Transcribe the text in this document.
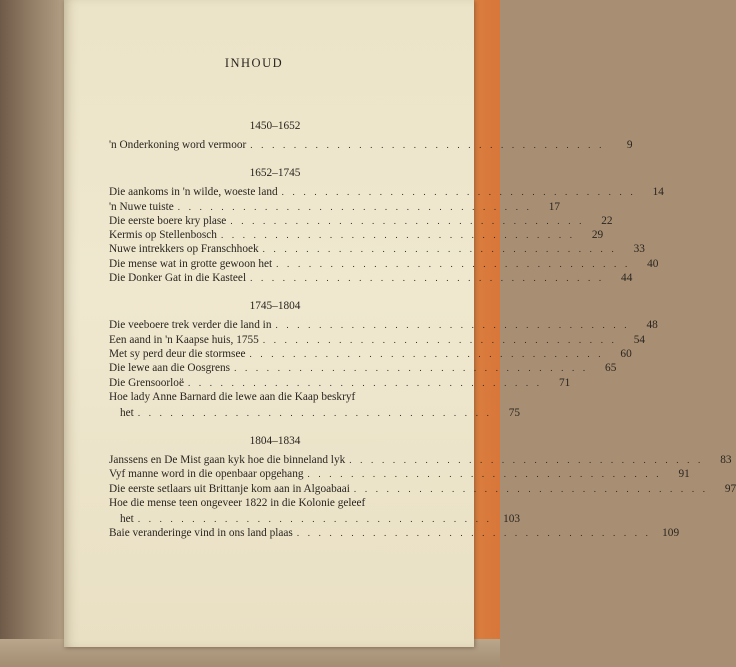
INHOUD
1450–1652
'n Onderkoning word vermoor . . . . . . . . . . . . . . . . . . . . . . . . . . . . . . . . .	9
1652–1745
Die aankoms in 'n wilde, woeste land . . . . . . . . . . . . . . . . . . . . . . . . . . . . . . . . .	14
'n Nuwe tuiste . . . . . . . . . . . . . . . . . . . . . . . . . . . . . . . . .	17
Die eerste boere kry plase . . . . . . . . . . . . . . . . . . . . . . . . . . . . . . . . .	22
Kermis op Stellenbosch . . . . . . . . . . . . . . . . . . . . . . . . . . . . . . . . .	29
Nuwe intrekkers op Franschhoek . . . . . . . . . . . . . . . . . . . . . . . . . . . . . . . . .	33
Die mense wat in grotte gewoon het . . . . . . . . . . . . . . . . . . . . . . . . . . . . . . . . .	40
Die Donker Gat in die Kasteel . . . . . . . . . . . . . . . . . . . . . . . . . . . . . . . . .	44
1745–1804
Die veeboere trek verder die land in . . . . . . . . . . . . . . . . . . . . . . . . . . . . . . . . .	48
Een aand in 'n Kaapse huis, 1755 . . . . . . . . . . . . . . . . . . . . . . . . . . . . . . . . .	54
Met sy perd deur die stormsee . . . . . . . . . . . . . . . . . . . . . . . . . . . . . . . . .	60
Die lewe aan die Oosgrens . . . . . . . . . . . . . . . . . . . . . . . . . . . . . . . . .	65
Die Grensoorloë . . . . . . . . . . . . . . . . . . . . . . . . . . . . . . . . .	71
Hoe lady Anne Barnard die lewe aan die Kaap beskryf
het . . . . . . . . . . . . . . . . . . . . . . . . . . . . . . . . .	75
1804–1834
Janssens en De Mist gaan kyk hoe die binneland lyk . . . . . . . . . . . . . . . . . . . . . . . . . . . . . . . . .	83
Vyf manne word in die openbaar opgehang . . . . . . . . . . . . . . . . . . . . . . . . . . . . . . . . .	91
Die eerste setlaars uit Brittanje kom aan in Algoabaai . . . . . . . . . . . . . . . . . . . . . . . . . . . . . . . . .	97
Hoe die mense teen ongeveer 1822 in die Kolonie geleef
het . . . . . . . . . . . . . . . . . . . . . . . . . . . . . . . . . 103
Baie veranderinge vind in ons land plaas . . . . . . . . . . . . . . . . . . . . . . . . . . . . . . . . . 109
